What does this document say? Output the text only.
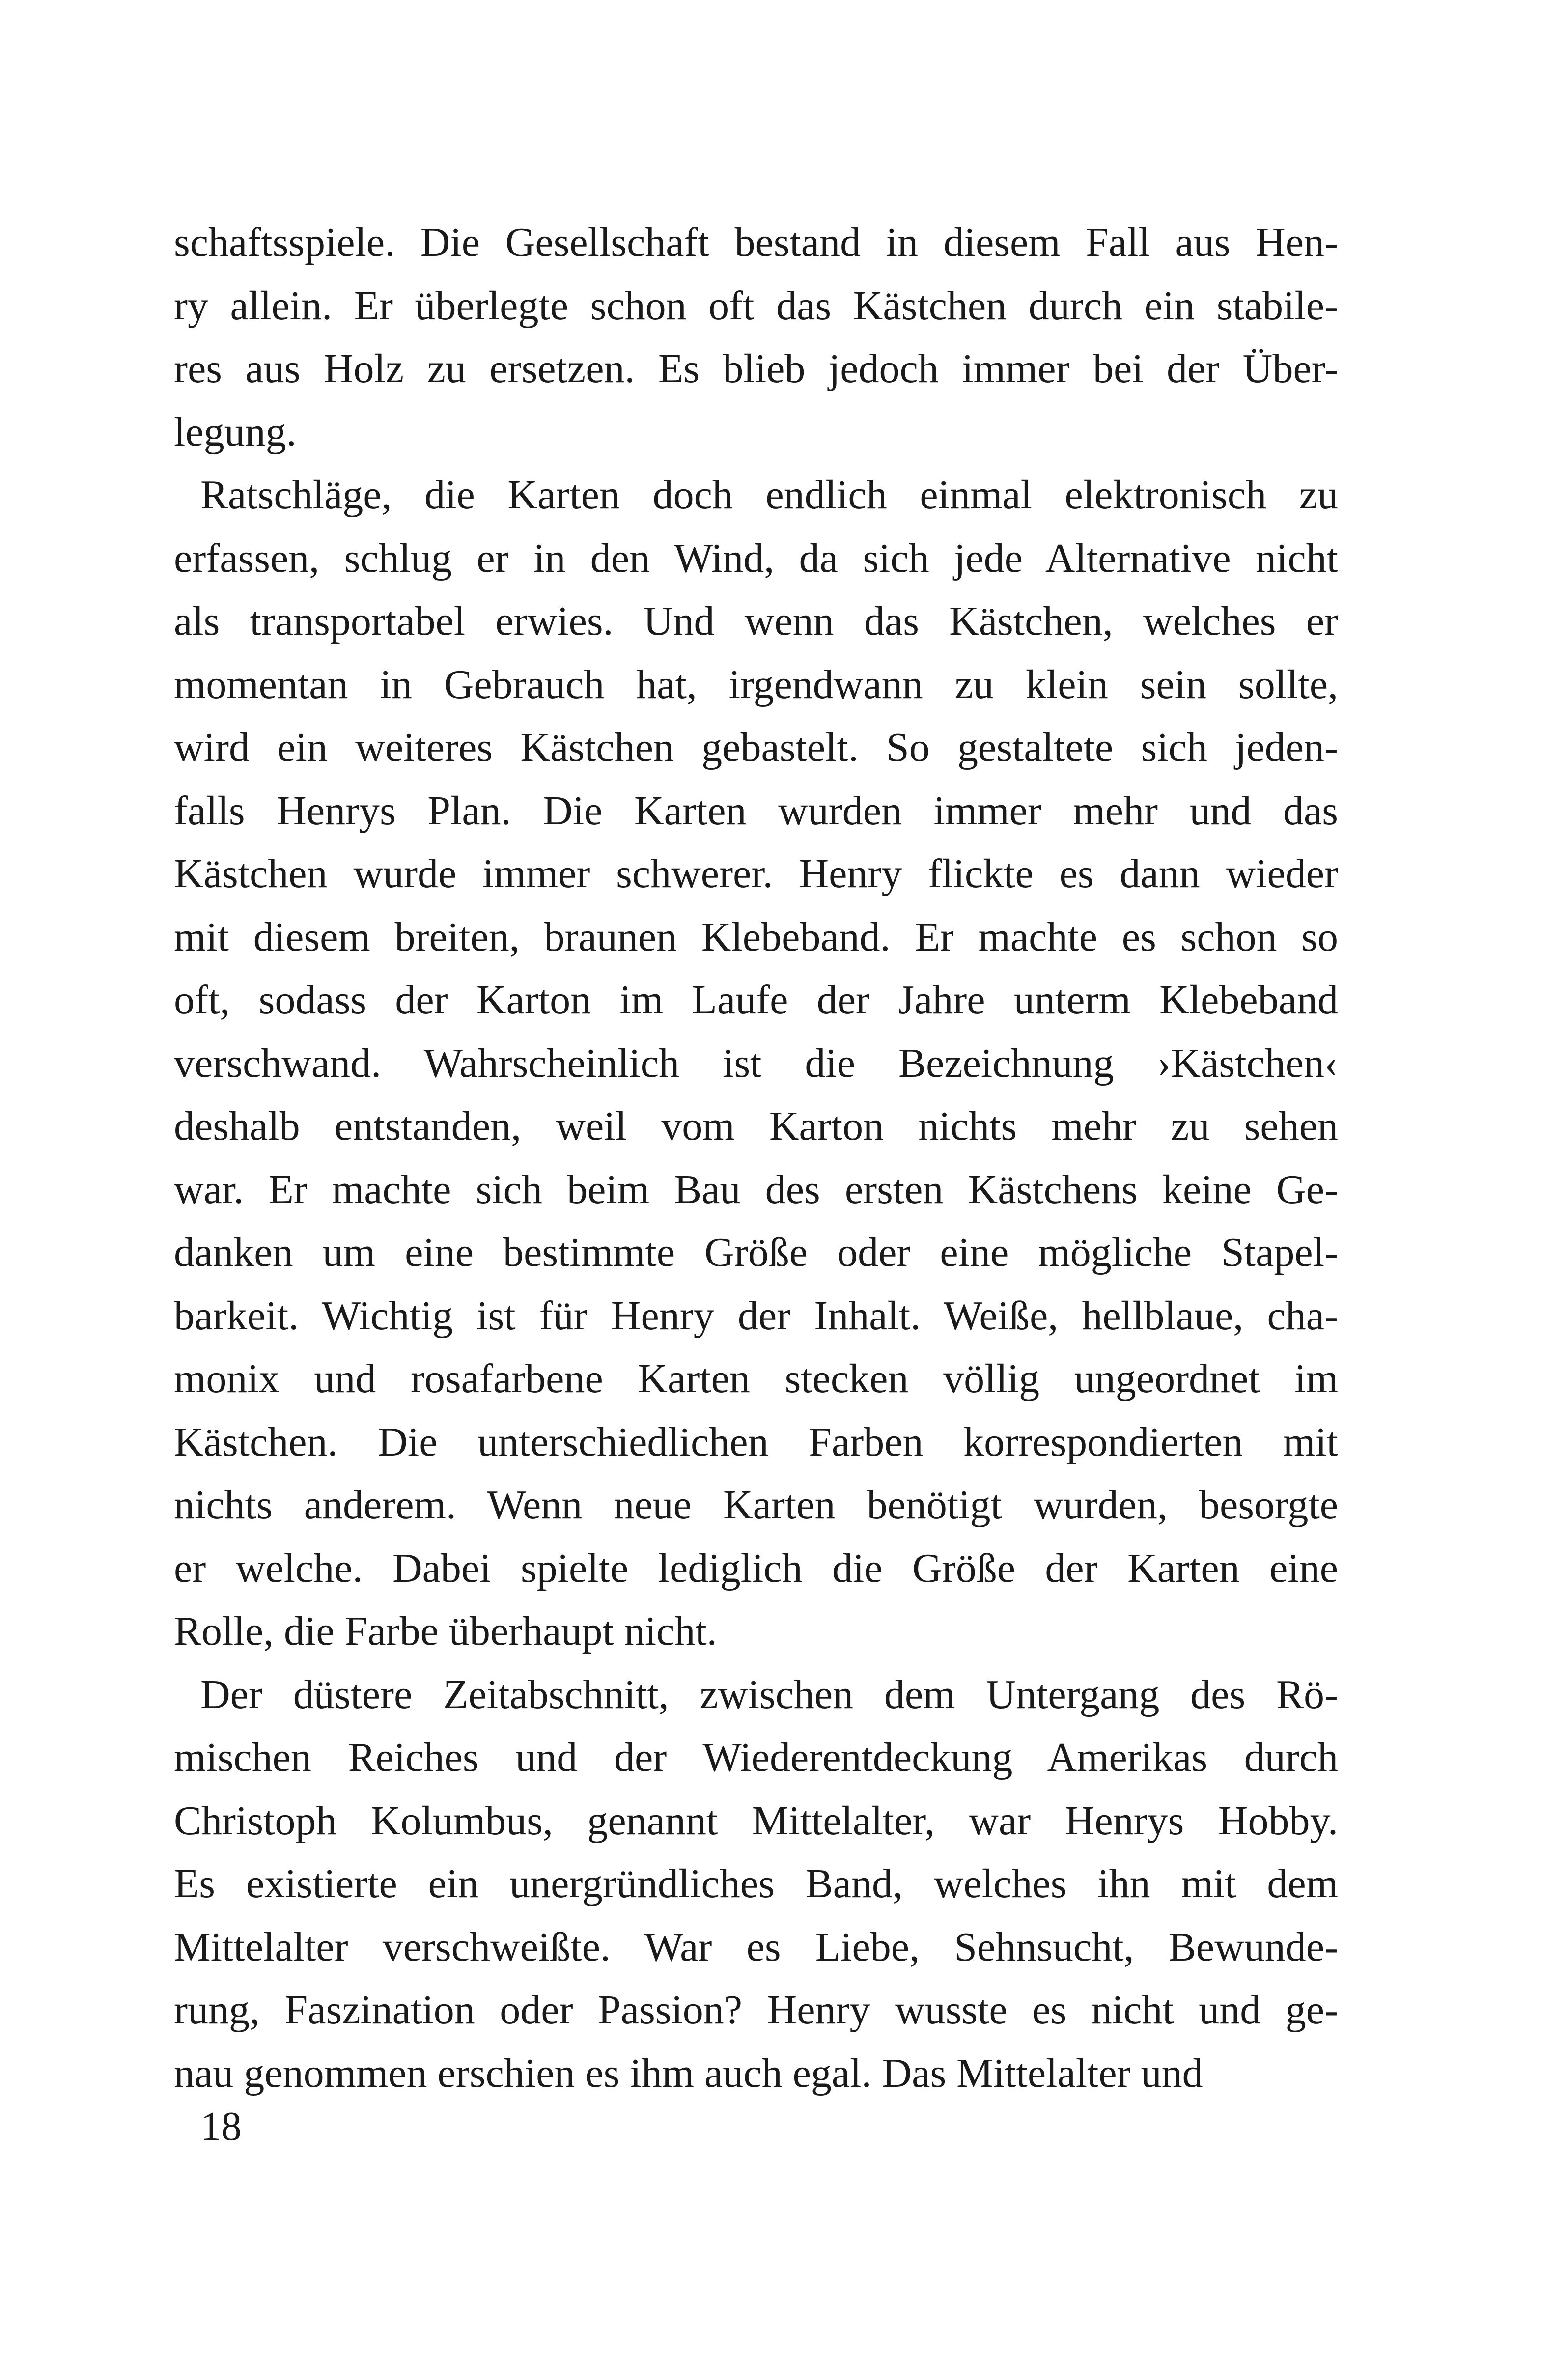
schaftsspiele. Die Gesellschaft bestand in diesem Fall aus Hen-
ry allein. Er überlegte schon oft das Kästchen durch ein stabile-
res aus Holz zu ersetzen. Es blieb jedoch immer bei der Über-
legung.
Ratschläge, die Karten doch endlich einmal elektronisch zu
erfassen, schlug er in den Wind, da sich jede Alternative nicht
als transportabel erwies. Und wenn das Kästchen, welches er
momentan in Gebrauch hat, irgendwann zu klein sein sollte,
wird ein weiteres Kästchen gebastelt. So gestaltete sich jeden-
falls Henrys Plan. Die Karten wurden immer mehr und das
Kästchen wurde immer schwerer. Henry flickte es dann wieder
mit diesem breiten, braunen Klebeband. Er machte es schon so
oft, sodass der Karton im Laufe der Jahre unterm Klebeband
verschwand. Wahrscheinlich ist die Bezeichnung ›Kästchen‹
deshalb entstanden, weil vom Karton nichts mehr zu sehen
war. Er machte sich beim Bau des ersten Kästchens keine Ge-
danken um eine bestimmte Größe oder eine mögliche Stapel-
barkeit. Wichtig ist für Henry der Inhalt. Weiße, hellblaue, cha-
monix und rosafarbene Karten stecken völlig ungeordnet im
Kästchen. Die unterschiedlichen Farben korrespondierten mit
nichts anderem. Wenn neue Karten benötigt wurden, besorgte
er welche. Dabei spielte lediglich die Größe der Karten eine
Rolle, die Farbe überhaupt nicht.
Der düstere Zeitabschnitt, zwischen dem Untergang des Rö-
mischen Reiches und der Wiederentdeckung Amerikas durch
Christoph Kolumbus, genannt Mittelalter, war Henrys Hobby.
Es existierte ein unergründliches Band, welches ihn mit dem
Mittelalter verschweißte. War es Liebe, Sehnsucht, Bewunde-
rung, Faszination oder Passion? Henry wusste es nicht und ge-
nau genommen erschien es ihm auch egal. Das Mittelalter und
18
